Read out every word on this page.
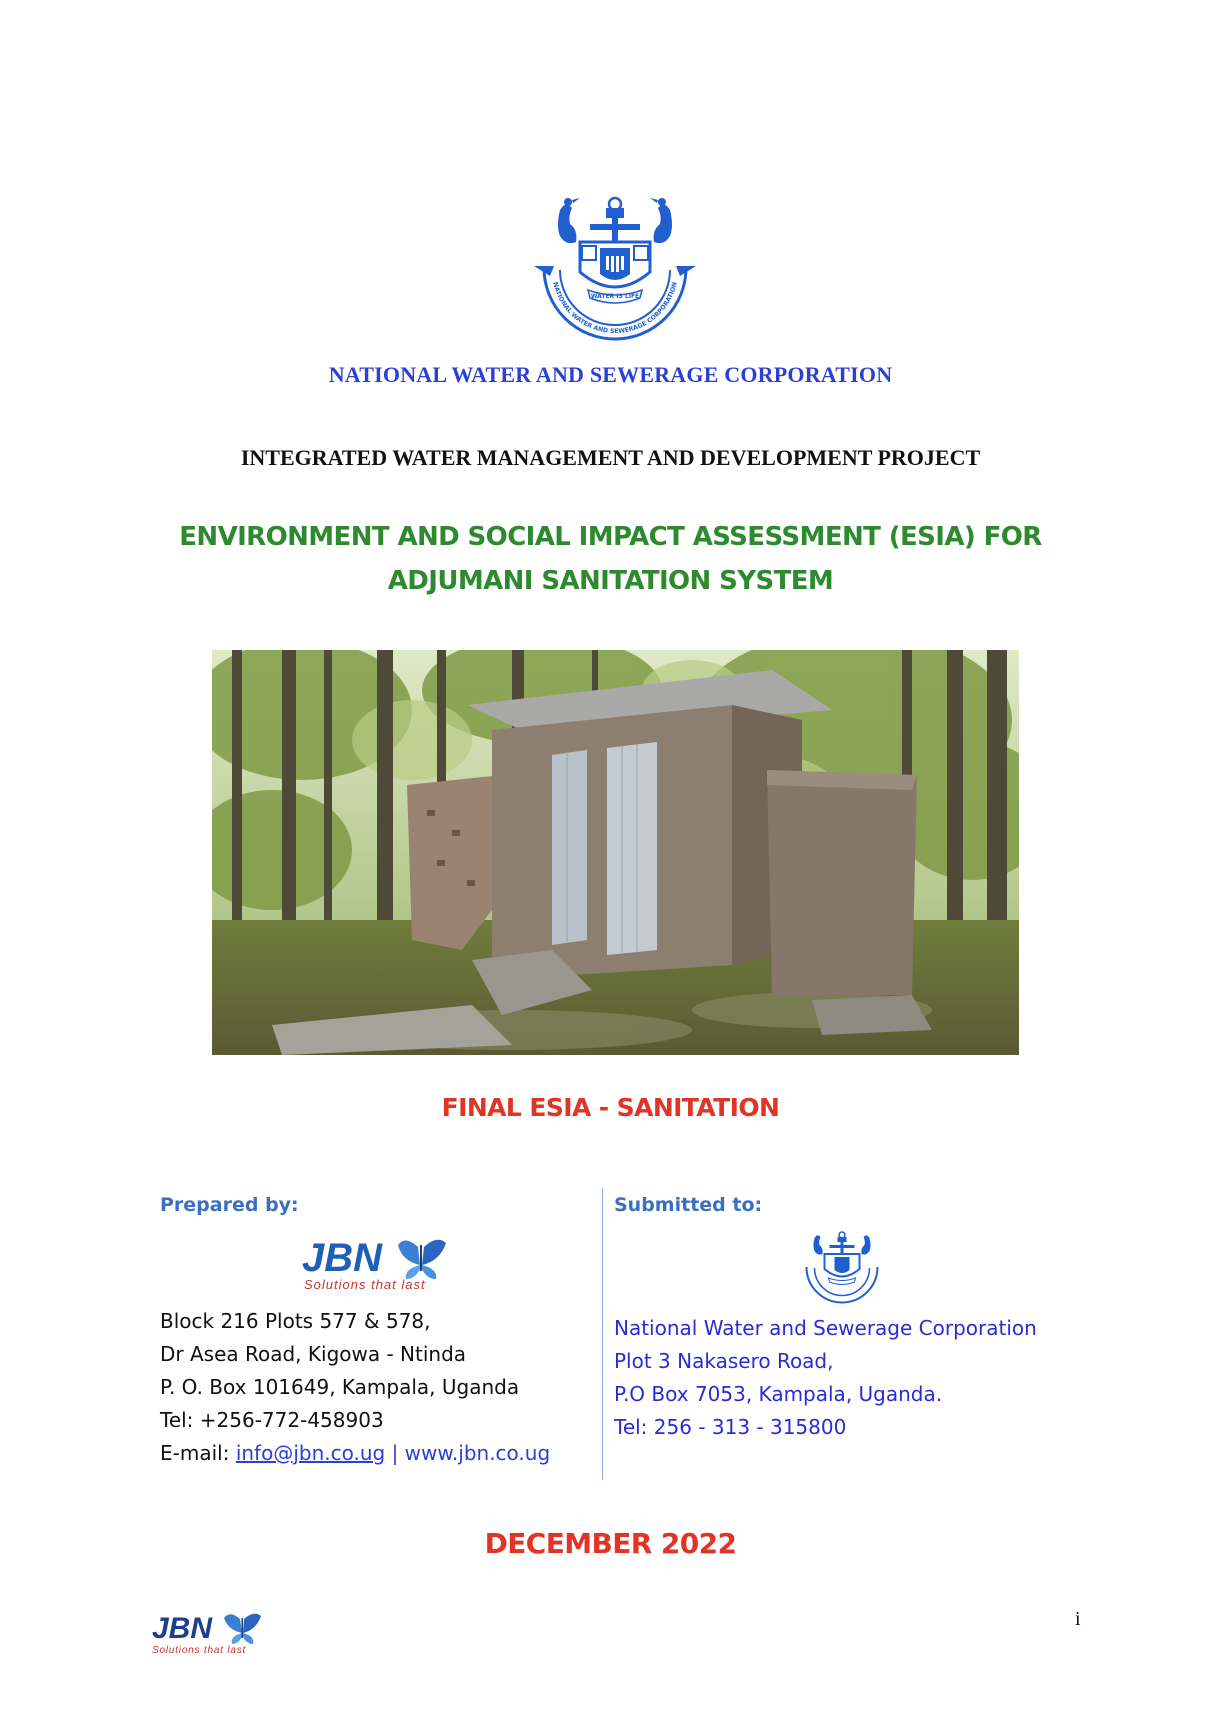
NATIONAL WATER AND SEWERAGE CORPORATION
WATER IS LIFE
NATIONAL WATER AND SEWERAGE CORPORATION
INTEGRATED WATER MANAGEMENT AND DEVELOPMENT PROJECT
ENVIRONMENT AND SOCIAL IMPACT ASSESSMENT (ESIA) FOR
ADJUMANI SANITATION SYSTEM
FINAL ESIA - SANITATION
Prepared by:	Submitted to:
JBN
Solutions that last
Block 216 Plots 577 & 578,
Dr Asea Road, Kigowa - Ntinda
P. O. Box 101649, Kampala, Uganda
Tel: +256-772-458903
E-mail: info@jbn.co.ug | www.jbn.co.ug
National Water and Sewerage Corporation
Plot 3 Nakasero Road,
P.O Box 7053, Kampala, Uganda.
Tel: 256 - 313 - 315800
DECEMBER 2022
JBN
Solutions that last
i
